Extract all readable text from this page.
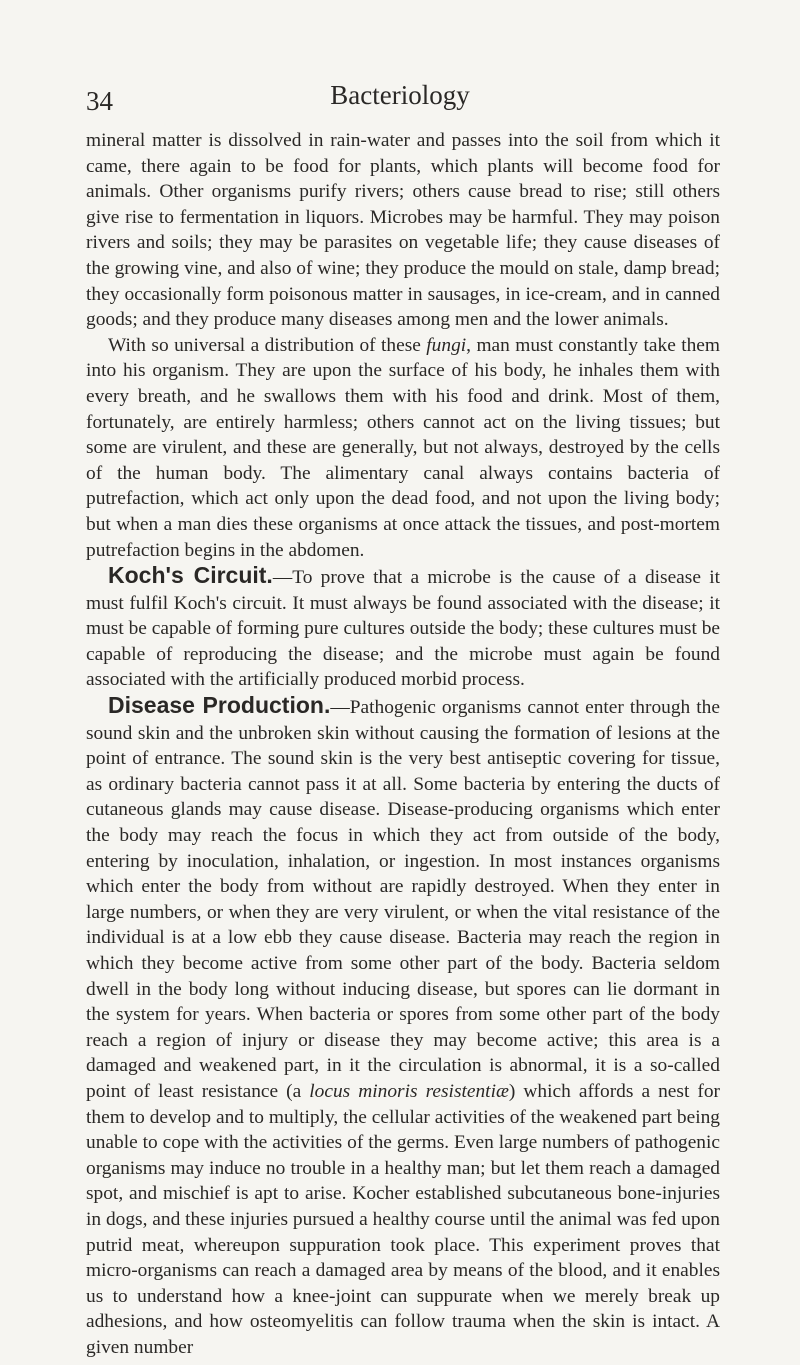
34	Bacteriology

mineral matter is dissolved in rain-water and passes into the soil from which it came, there again to be food for plants, which plants will become food for animals. Other organisms purify rivers; others cause bread to rise; still others give rise to fermentation in liquors. Microbes may be harmful. They may poison rivers and soils; they may be parasites on vegetable life; they cause diseases of the growing vine, and also of wine; they produce the mould on stale, damp bread; they occasionally form poisonous matter in sausages, in ice-cream, and in canned goods; and they produce many diseases among men and the lower animals.

With so universal a distribution of these fungi, man must constantly take them into his organism. They are upon the surface of his body, he inhales them with every breath, and he swallows them with his food and drink. Most of them, fortunately, are entirely harmless; others cannot act on the living tissues; but some are virulent, and these are generally, but not always, destroyed by the cells of the human body. The alimentary canal always contains bacteria of putrefaction, which act only upon the dead food, and not upon the living body; but when a man dies these organisms at once attack the tissues, and post-mortem putrefaction begins in the abdomen.

Koch's Circuit.—To prove that a microbe is the cause of a disease it must fulfil Koch's circuit. It must always be found associated with the disease; it must be capable of forming pure cultures outside the body; these cultures must be capable of reproducing the disease; and the microbe must again be found associated with the artificially produced morbid process.

Disease Production.—Pathogenic organisms cannot enter through the sound skin and the unbroken skin without causing the formation of lesions at the point of entrance. The sound skin is the very best antiseptic covering for tissue, as ordinary bacteria cannot pass it at all. Some bacteria by entering the ducts of cutaneous glands may cause disease. Disease-producing organisms which enter the body may reach the focus in which they act from outside of the body, entering by inoculation, inhalation, or ingestion. In most instances organisms which enter the body from without are rapidly destroyed. When they enter in large numbers, or when they are very virulent, or when the vital resistance of the individual is at a low ebb they cause disease. Bacteria may reach the region in which they become active from some other part of the body. Bacteria seldom dwell in the body long without inducing disease, but spores can lie dormant in the system for years. When bacteria or spores from some other part of the body reach a region of injury or disease they may become active; this area is a damaged and weakened part, in it the circulation is abnormal, it is a so-called point of least resistance (a locus minoris resistentiæ) which affords a nest for them to develop and to multiply, the cellular activities of the weakened part being unable to cope with the activities of the germs. Even large numbers of pathogenic organisms may induce no trouble in a healthy man; but let them reach a damaged spot, and mischief is apt to arise. Kocher established subcutaneous bone-injuries in dogs, and these injuries pursued a healthy course until the animal was fed upon putrid meat, whereupon suppuration took place. This experiment proves that micro-organisms can reach a damaged area by means of the blood, and it enables us to understand how a knee-joint can suppurate when we merely break up adhesions, and how osteomyelitis can follow trauma when the skin is intact. A given number
